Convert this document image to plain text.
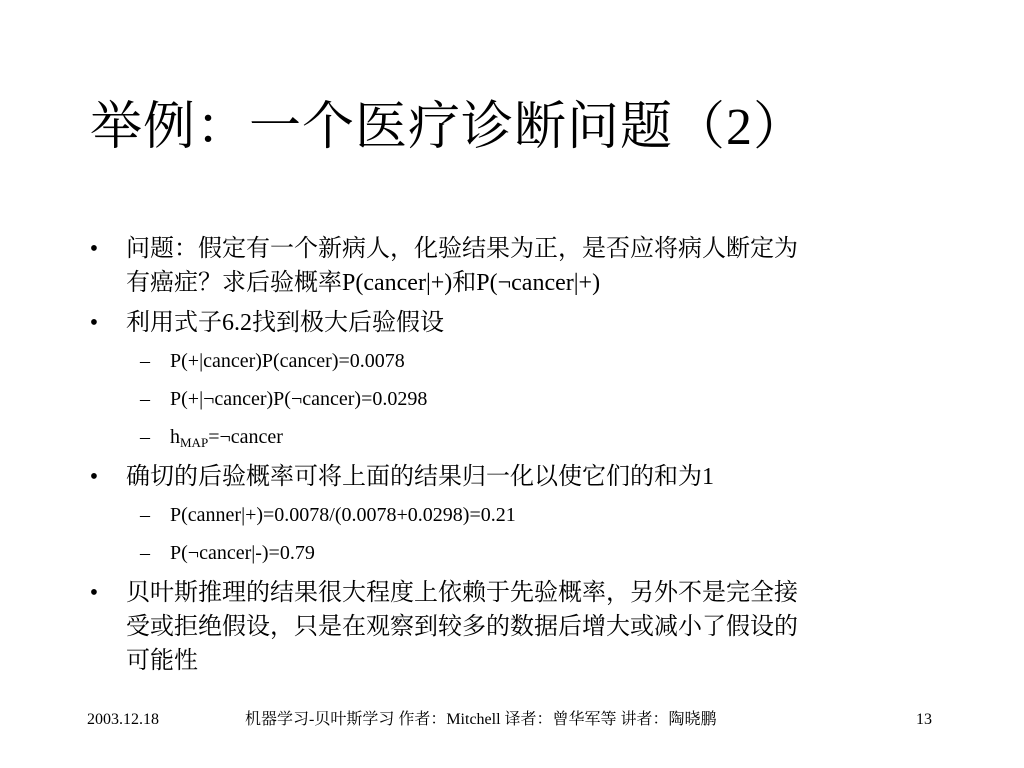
举例：一个医疗诊断问题（2）
• 问题：假定有一个新病人，化验结果为正，是否应将病人断定为
有癌症？求后验概率P(cancer|+)和P(¬cancer|+)
• 利用式子6.2找到极大后验假设
– P(+|cancer)P(cancer)=0.0078
– P(+|¬cancer)P(¬cancer)=0.0298
– $h_{MAP}=\neg cancer$
• 确切的后验概率可将上面的结果归一化以使它们的和为1
– P(canner|+)=0.0078/(0.0078+0.0298)=0.21
– P(¬cancer|-)=0.79
• 贝叶斯推理的结果很大程度上依赖于先验概率，另外不是完全接
受或拒绝假设，只是在观察到较多的数据后增大或减小了假设的
可能性
2003.12.18	机器学习-贝叶斯学习 作者：Mitchell 译者：曾华军等 讲者：陶晓鹏	13
